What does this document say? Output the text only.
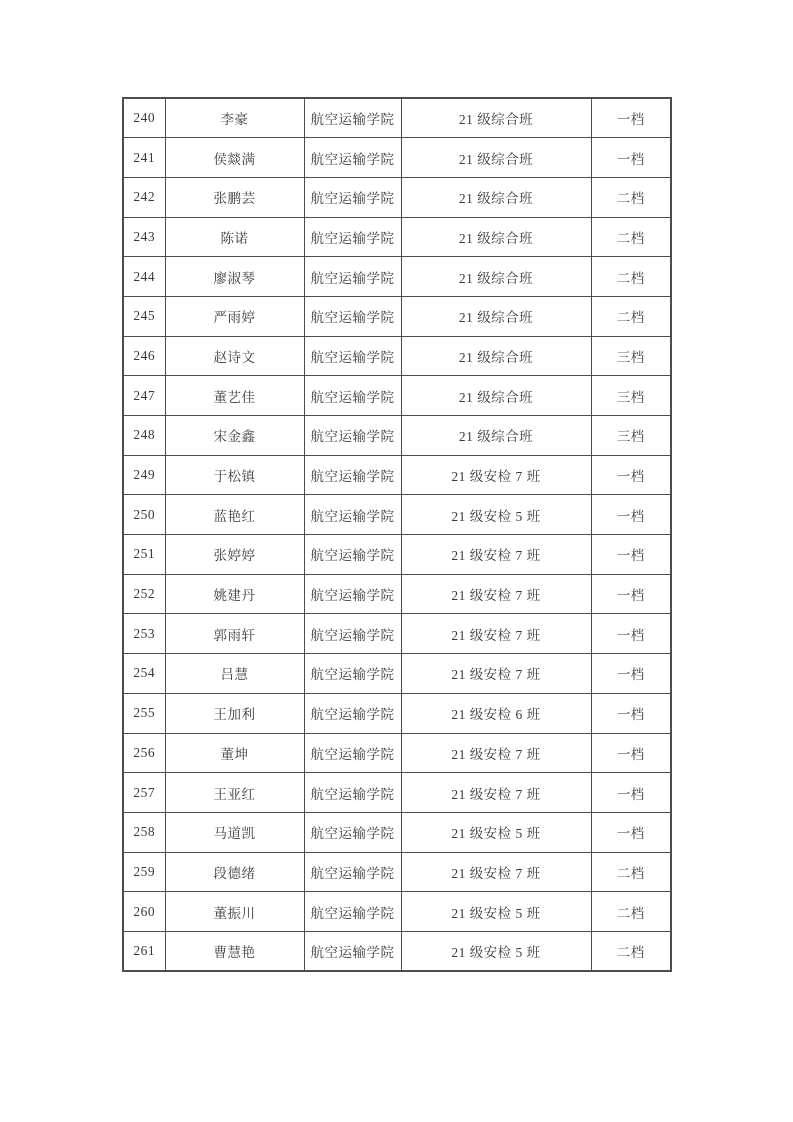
240	李豪	航空运输学院	21 级综合班	一档
241	侯燚满	航空运输学院	21 级综合班	一档
242	张鹏芸	航空运输学院	21 级综合班	二档
243	陈诺	航空运输学院	21 级综合班	二档
244	廖淑琴	航空运输学院	21 级综合班	二档
245	严雨婷	航空运输学院	21 级综合班	二档
246	赵诗文	航空运输学院	21 级综合班	三档
247	董艺佳	航空运输学院	21 级综合班	三档
248	宋金鑫	航空运输学院	21 级综合班	三档
249	于松镇	航空运输学院	21 级安检 7 班	一档
250	蓝艳红	航空运输学院	21 级安检 5 班	一档
251	张婷婷	航空运输学院	21 级安检 7 班	一档
252	姚建丹	航空运输学院	21 级安检 7 班	一档
253	郭雨轩	航空运输学院	21 级安检 7 班	一档
254	吕慧	航空运输学院	21 级安检 7 班	一档
255	王加利	航空运输学院	21 级安检 6 班	一档
256	董坤	航空运输学院	21 级安检 7 班	一档
257	王亚红	航空运输学院	21 级安检 7 班	一档
258	马道凯	航空运输学院	21 级安检 5 班	一档
259	段德绪	航空运输学院	21 级安检 7 班	二档
260	董振川	航空运输学院	21 级安检 5 班	二档
261	曹慧艳	航空运输学院	21 级安检 5 班	二档
